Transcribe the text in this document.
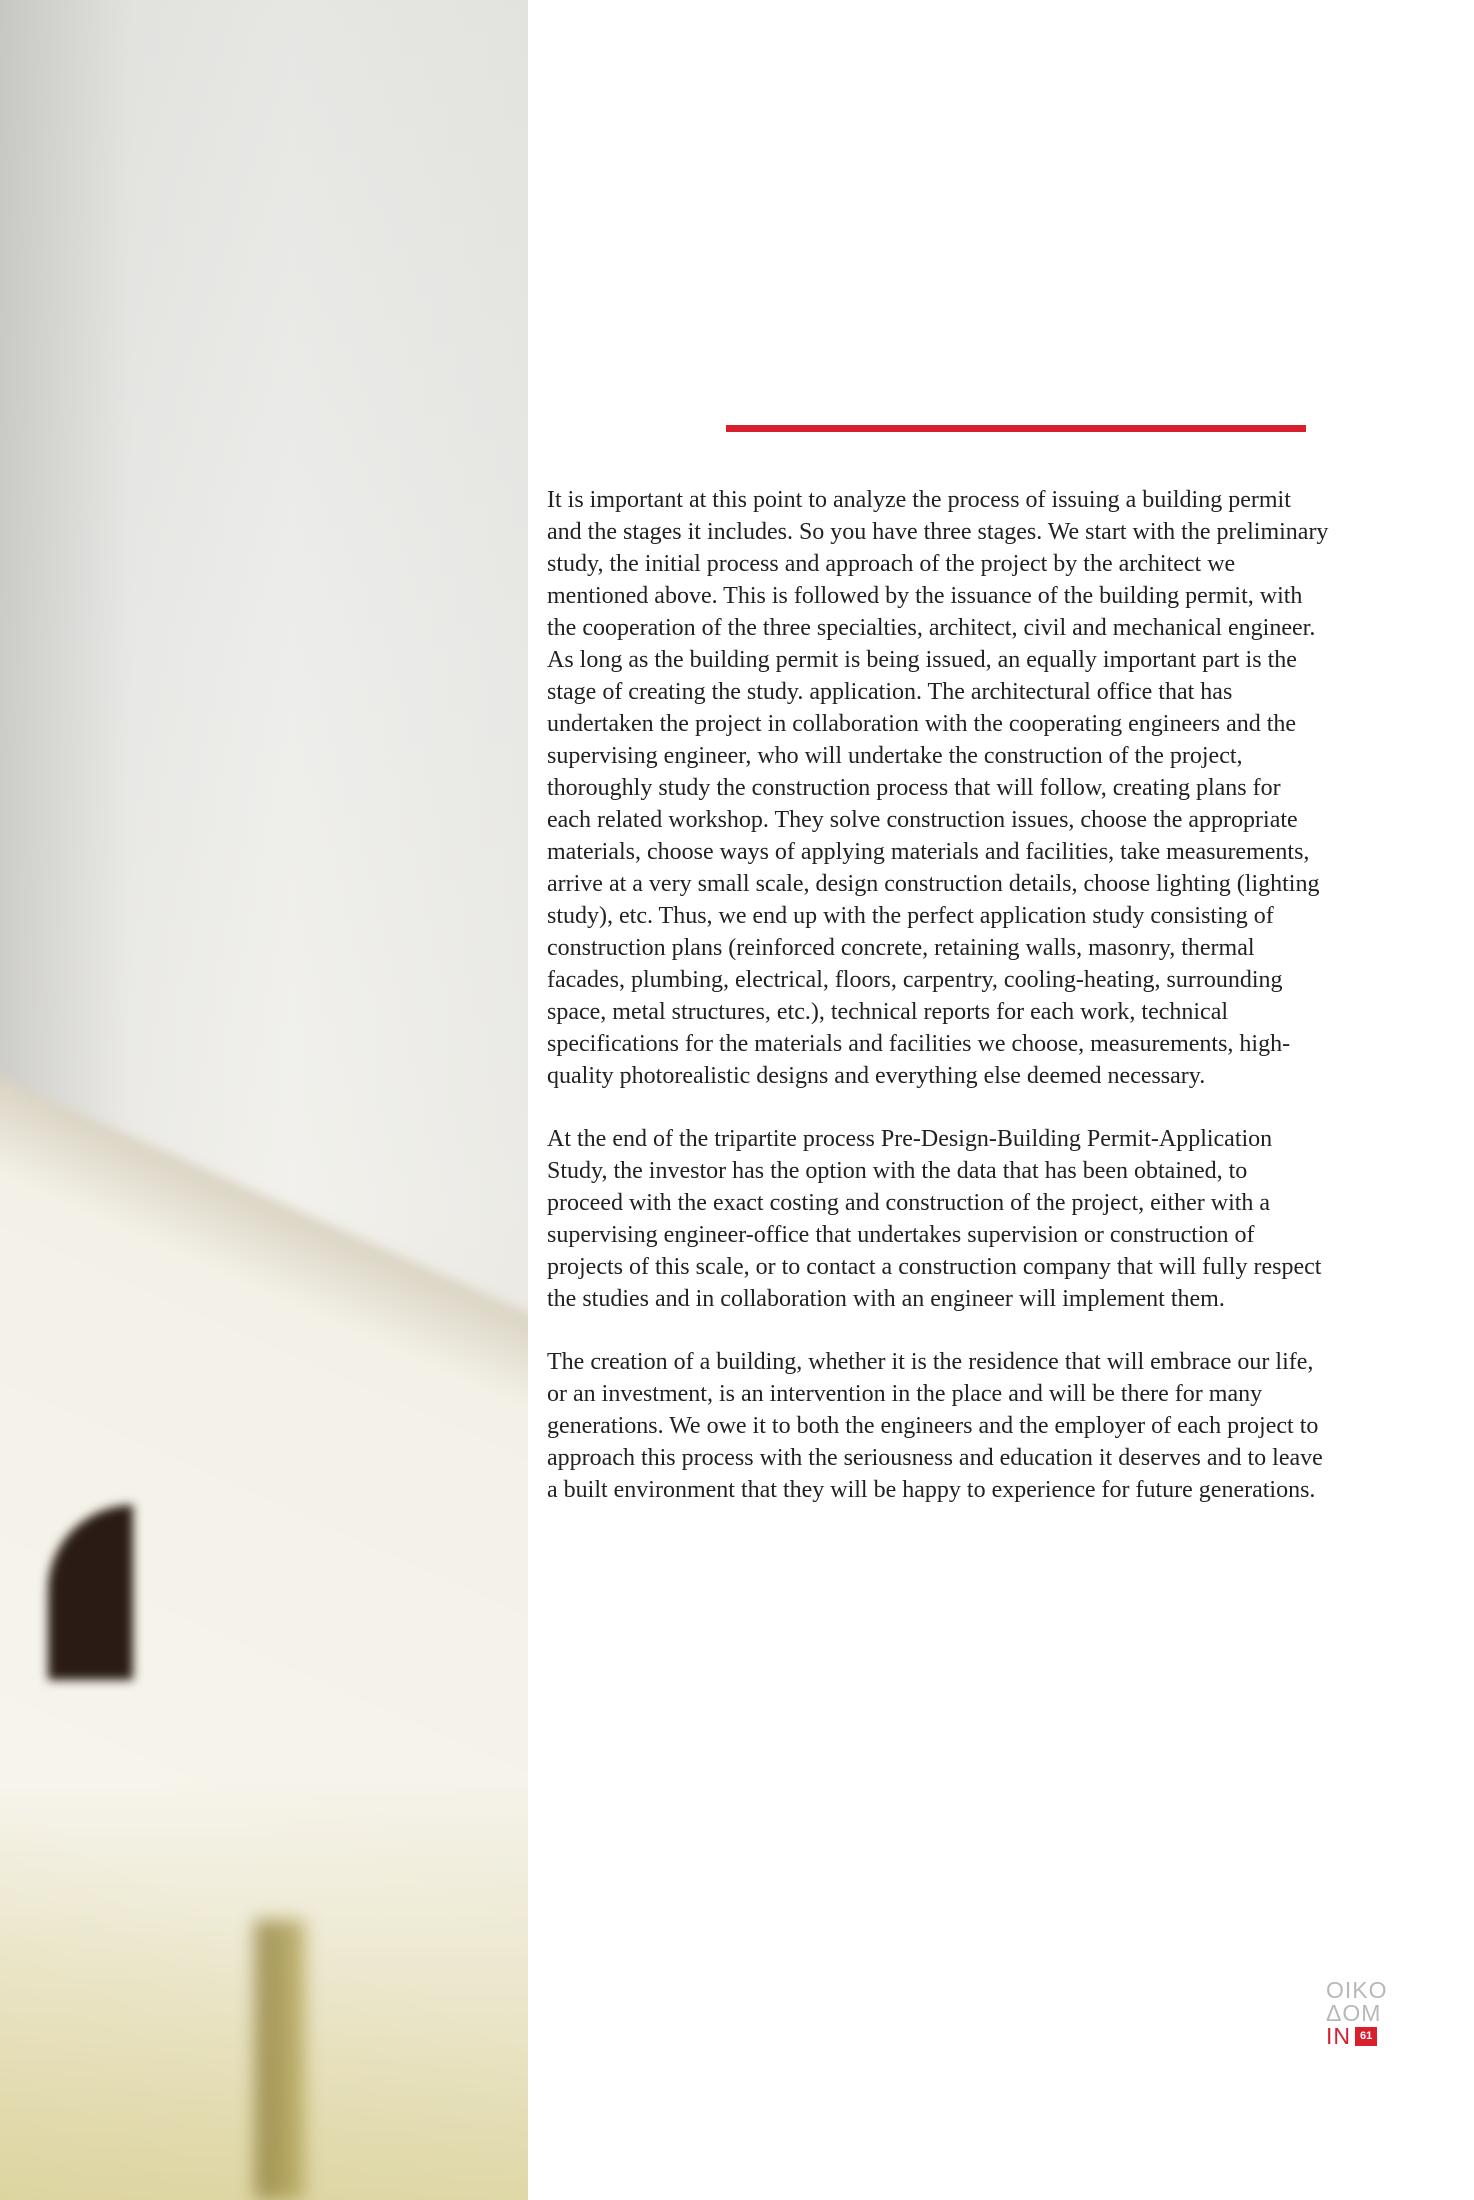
It is important at this point to analyze the process of issuing a building permit and the stages it includes. So you have three stages. We start with the preliminary study, the initial process and approach of the project by the architect we mentioned above. This is followed by the issuance of the building permit, with the cooperation of the three specialties, architect, civil and mechanical engineer. As long as the building permit is being issued, an equally important part is the stage of creating the study. application. The architectural office that has undertaken the project in collaboration with the cooperating engineers and the supervising engineer, who will undertake the construction of the project, thoroughly study the construction process that will follow, creating plans for each related workshop. They solve construction issues, choose the appropriate materials, choose ways of applying materials and facilities, take measurements, arrive at a very small scale, design construction details, choose lighting (lighting study), etc. Thus, we end up with the perfect application study consisting of construction plans (reinforced concrete, retaining walls, masonry, thermal facades, plumbing, electrical, floors, carpentry, cooling-heating, surrounding space, metal structures, etc.), technical reports for each work, technical specifications for the materials and facilities we choose, measurements, high-quality photorealistic designs and everything else deemed necessary.

At the end of the tripartite process Pre-Design-Building Permit-Application Study, the investor has the option with the data that has been obtained, to proceed with the exact costing and construction of the project, either with a supervising engineer-office that undertakes supervision or construction of projects of this scale, or to contact a construction company that will fully respect the studies and in collaboration with an engineer will implement them.

The creation of a building, whether it is the residence that will embrace our life, or an investment, is an intervention in the place and will be there for many generations. We owe it to both the engineers and the employer of each project to approach this process with the seriousness and education it deserves and to leave a built environment that they will be happy to experience for future generations.

OIKO
ΔOM
IN 61
